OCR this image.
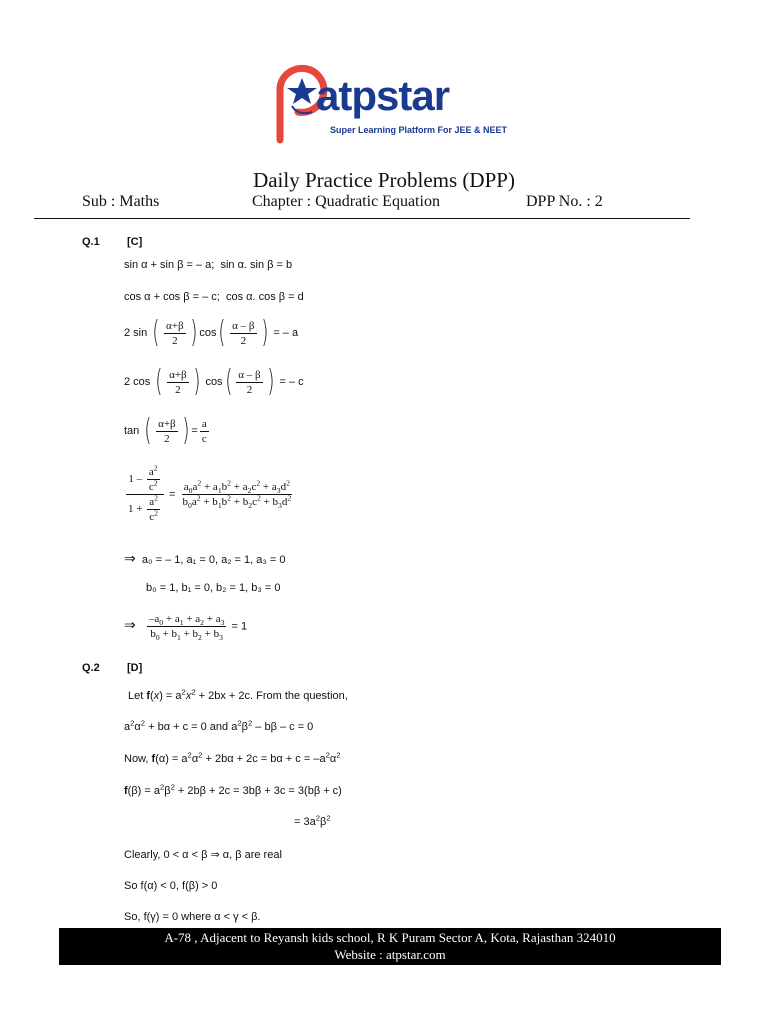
atpstar
Super Learning Platform For JEE & NEET
Daily Practice Problems (DPP)
Sub : Maths	Chapter : Quadratic Equation	DPP No. : 2
Q.1 [C]
sin α + sin β = – a;  sin α. sin β = b
cos α + cos β = – c;  cos α. cos β = d
2 sin ( $\frac{\alpha+\beta}{2}$ ) $\cos( \frac{\alpha - \beta}{2}$ ) = – a
2 cos ( $\frac{\alpha+\beta}{2}$ ) $\cos( \frac{\alpha - \beta}{2}$ ) = – c
tan ( $\frac{\alpha+\beta}{2}$ ) = $\frac{a}{c}$
$\frac{1 - \frac{a^2}{c^2}}{1 + \frac{a^2}{c^2}} = \frac{a_0a^2 + a_1b^2 + a_2c^2 + a_3d^2}{b_0a^2 + b_1b^2 + b_2c^2 + b_3d^2}$
⇒ a₀ = – 1, a₁ = 0, a₂ = 1, a₃ = 0
b₀ = 1, b₁ = 0, b₂ = 1, b₃ = 0
⇒ $\frac{-a_0 + a_1 + a_2 + a_3}{b_0 + b_1 + b_2 + b_3} = 1$
Q.2 [D]
Let $f(x) = a^2x^2 + 2bx + 2c$. From the question,
$a^2\alpha^2 + b\alpha + c = 0$ and $a^2\beta^2 - b\beta - c = 0$
Now, $f(\alpha) = a^2\alpha^2 + 2b\alpha + 2c = b\alpha + c = -a^2\alpha^2$
$f(\beta) = a^2\beta^2 + 2b\beta + 2c = 3b\beta + 3c = 3(b\beta + c)$
= $3a^2\beta^2$
Clearly, 0 < α < β ⇒ α, β are real
So f(α) < 0, f(β) > 0
So, f(γ) = 0 where α < γ < β.
A-78 , Adjacent to Reyansh kids school, R K Puram Sector A, Kota, Rajasthan 324010
Website : atpstar.com
